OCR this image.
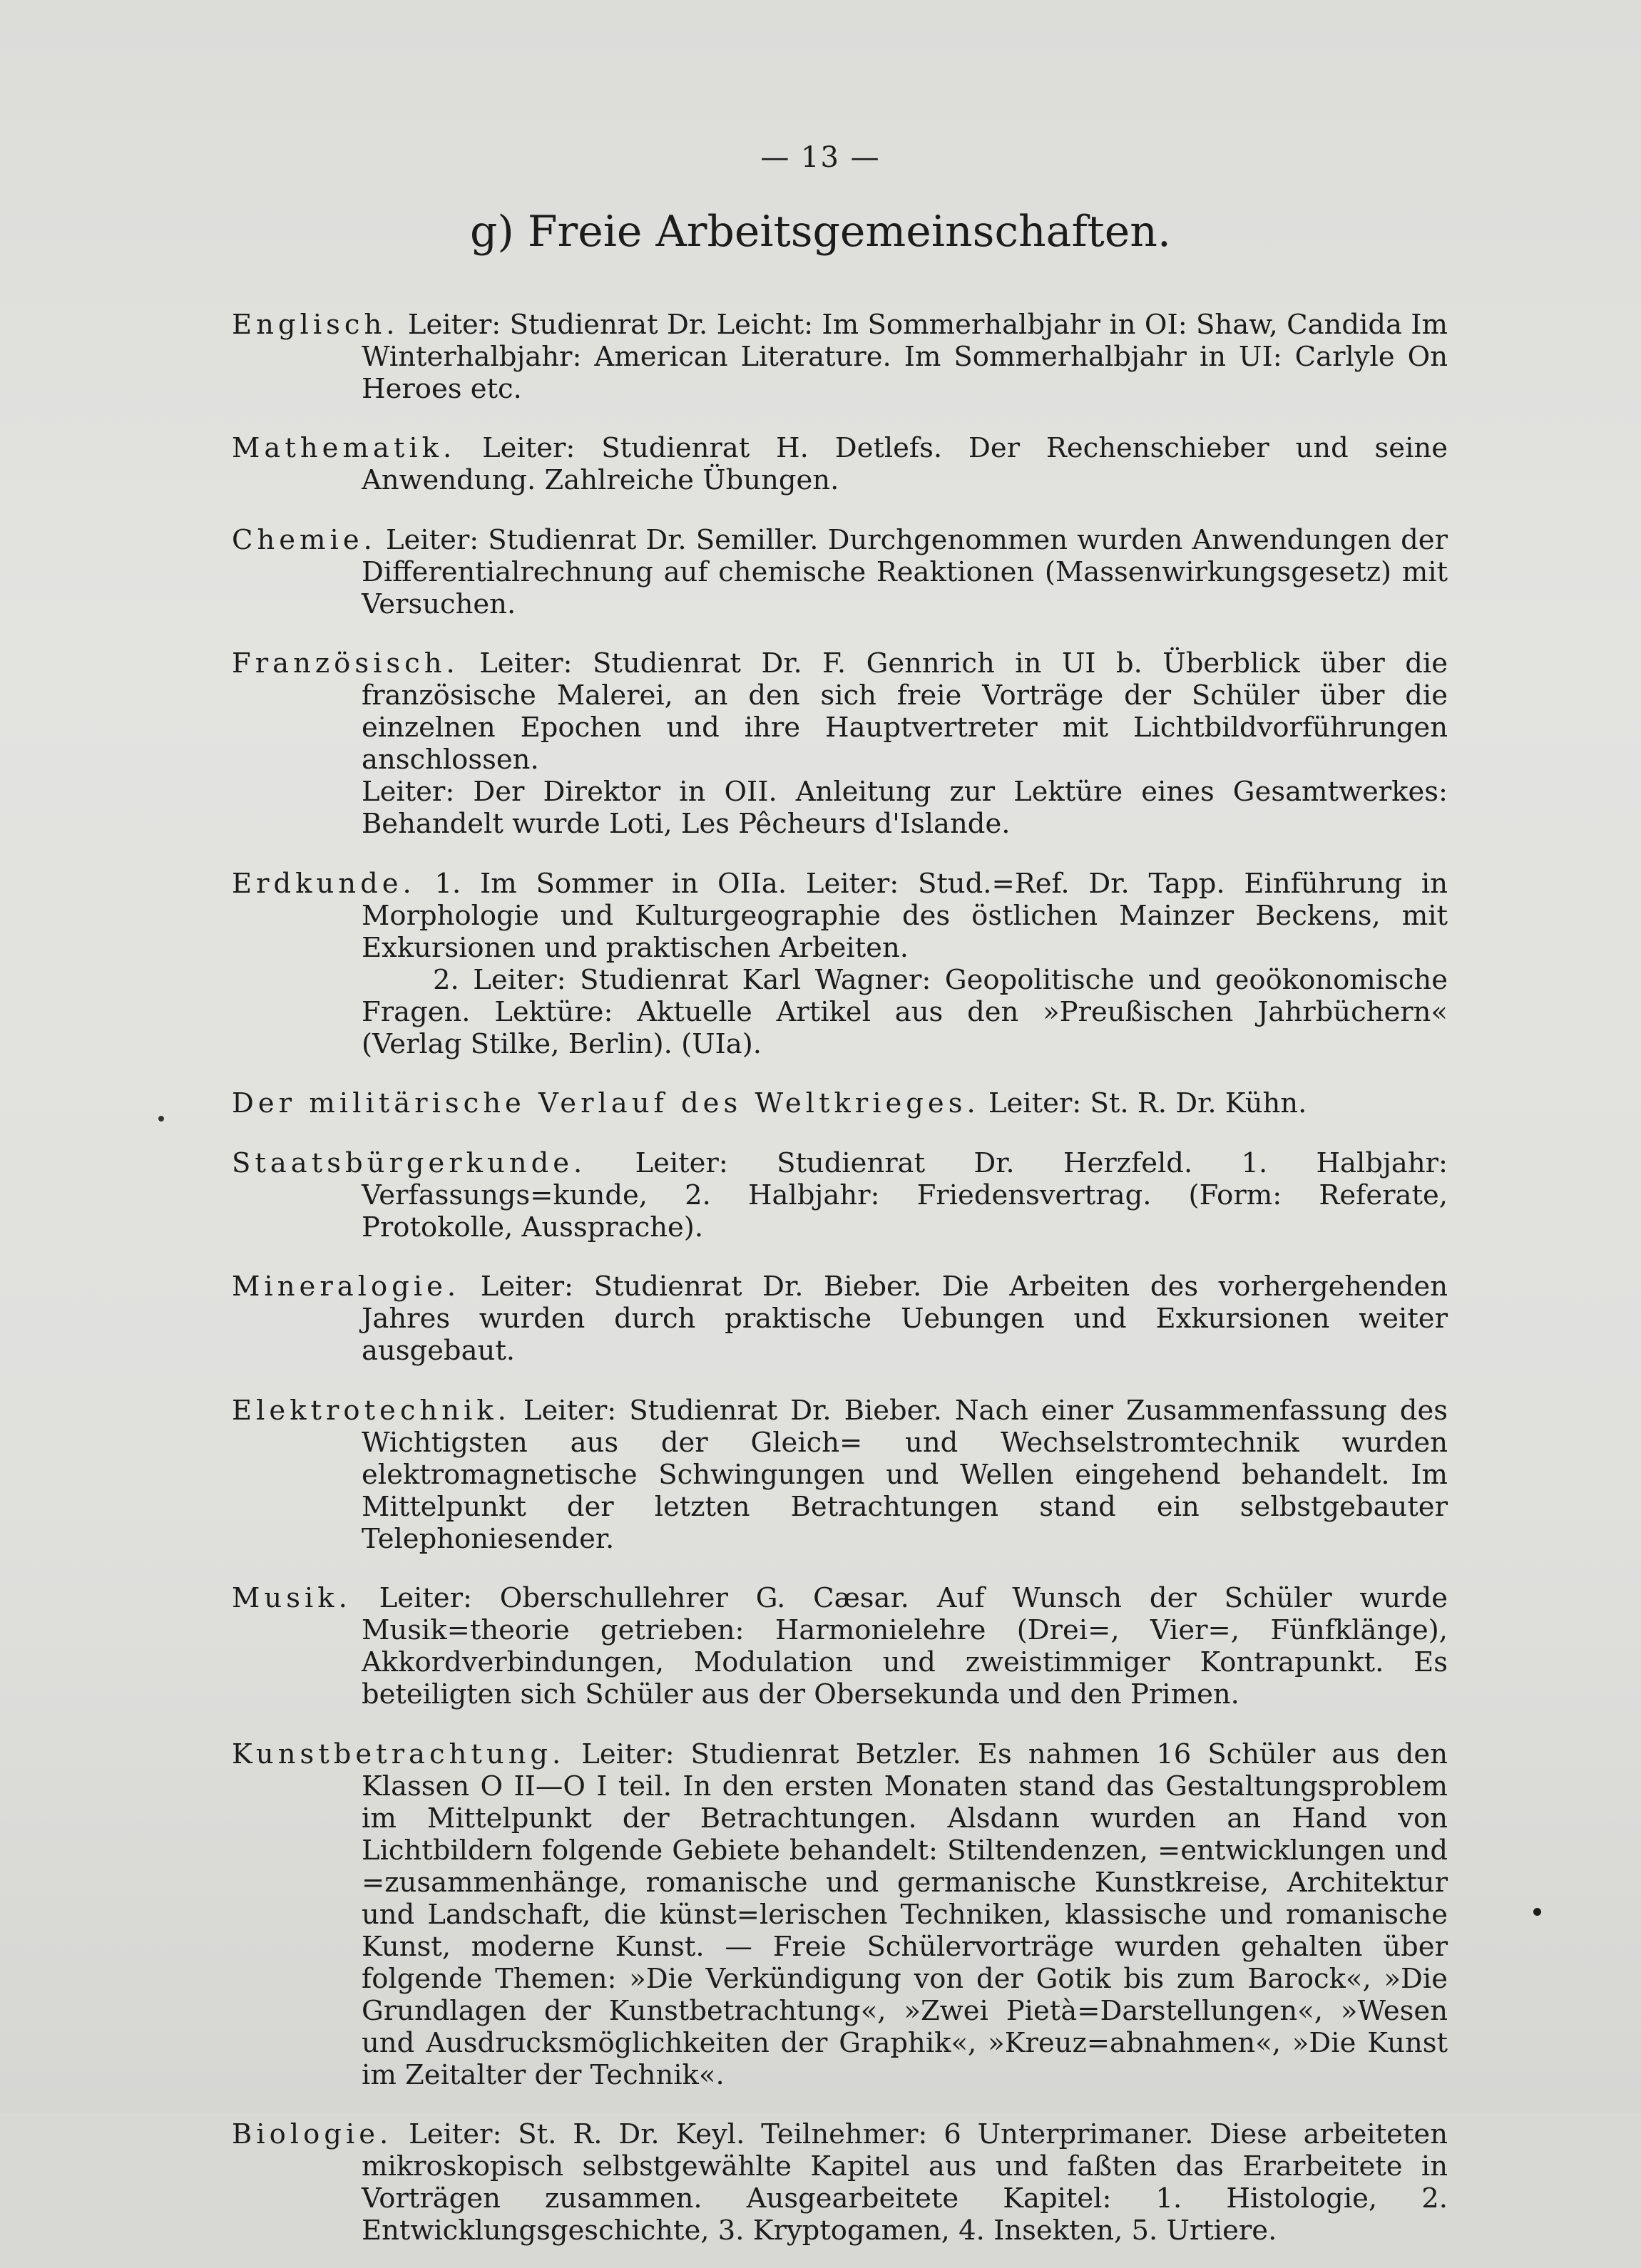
— 13 —
g) Freie Arbeitsgemeinschaften.

Englisch. Leiter: Studienrat Dr. Leicht: Im Sommerhalbjahr in OI: Shaw, Candida Im Winterhalbjahr: American Literature. Im Sommerhalbjahr in UI: Carlyle On Heroes etc.

Mathematik. Leiter: Studienrat H. Detlefs. Der Rechenschieber und seine Anwendung. Zahlreiche Übungen.

Chemie. Leiter: Studienrat Dr. Semiller. Durchgenommen wurden Anwendungen der Differentialrechnung auf chemische Reaktionen (Massenwirkungsgesetz) mit Versuchen.

Französisch. Leiter: Studienrat Dr. F. Gennrich in UI b. Überblick über die französische Malerei, an den sich freie Vorträge der Schüler über die einzelnen Epochen und ihre Hauptvertreter mit Lichtbildvorführungen anschlossen.

Leiter: Der Direktor in OII. Anleitung zur Lektüre eines Gesamtwerkes: Behandelt wurde Loti, Les Pêcheurs d'Islande.

Erdkunde. 1. Im Sommer in OIIa. Leiter: Stud.=Ref. Dr. Tapp. Einführung in Morphologie und Kulturgeographie des östlichen Mainzer Beckens, mit Exkursionen und praktischen Arbeiten.

2. Leiter: Studienrat Karl Wagner: Geopolitische und geoökonomische Fragen. Lektüre: Aktuelle Artikel aus den »Preußischen Jahrbüchern« (Verlag Stilke, Berlin). (UIa).

Der militärische Verlauf des Weltkrieges. Leiter: St. R. Dr. Kühn.

Staatsbürgerkunde. Leiter: Studienrat Dr. Herzfeld. 1. Halbjahr: Verfassungs=kunde, 2. Halbjahr: Friedensvertrag. (Form: Referate, Protokolle, Aussprache).

Mineralogie. Leiter: Studienrat Dr. Bieber. Die Arbeiten des vorhergehenden Jahres wurden durch praktische Uebungen und Exkursionen weiter ausgebaut.

Elektrotechnik. Leiter: Studienrat Dr. Bieber. Nach einer Zusammenfassung des Wichtigsten aus der Gleich= und Wechselstromtechnik wurden elektromagnetische Schwingungen und Wellen eingehend behandelt. Im Mittelpunkt der letzten Betrachtungen stand ein selbstgebauter Telephoniesender.

Musik. Leiter: Oberschullehrer G. Cæsar. Auf Wunsch der Schüler wurde Musik=theorie getrieben: Harmonielehre (Drei=, Vier=, Fünfklänge), Akkordverbindungen, Modulation und zweistimmiger Kontrapunkt. Es beteiligten sich Schüler aus der Obersekunda und den Primen.

Kunstbetrachtung. Leiter: Studienrat Betzler. Es nahmen 16 Schüler aus den Klassen O II—O I teil. In den ersten Monaten stand das Gestaltungsproblem im Mittelpunkt der Betrachtungen. Alsdann wurden an Hand von Lichtbildern folgende Gebiete behandelt: Stiltendenzen, =entwicklungen und =zusammenhänge, romanische und germanische Kunstkreise, Architektur und Landschaft, die künst=lerischen Techniken, klassische und romanische Kunst, moderne Kunst. — Freie Schülervorträge wurden gehalten über folgende Themen: »Die Verkündigung von der Gotik bis zum Barock«, »Die Grundlagen der Kunstbetrachtung«, »Zwei Pietà=Darstellungen«, »Wesen und Ausdrucksmöglichkeiten der Graphik«, »Kreuz=abnahmen«, »Die Kunst im Zeitalter der Technik«.

Biologie. Leiter: St. R. Dr. Keyl. Teilnehmer: 6 Unterprimaner. Diese arbeiteten mikroskopisch selbstgewählte Kapitel aus und faßten das Erarbeitete in Vorträgen zusammen. Ausgearbeitete Kapitel: 1. Histologie, 2. Entwicklungsgeschichte, 3. Kryptogamen, 4. Insekten, 5. Urtiere.
